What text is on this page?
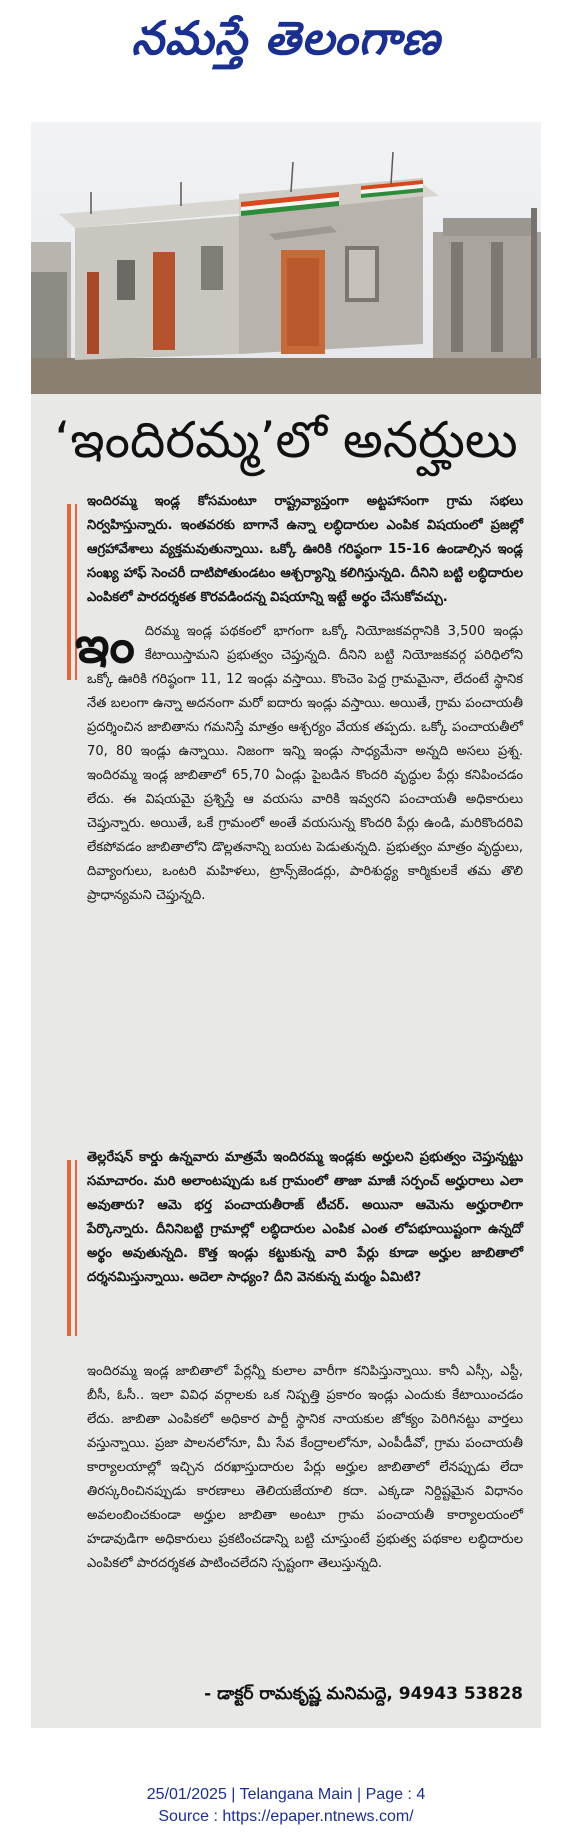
నమస్తే తెలంగాణ
‘ఇందిరమ్మ’లో అనర్హులు

ఇందిరమ్మ ఇండ్ల కోసమంటూ రాష్ట్రవ్యాప్తంగా అట్టహాసంగా గ్రామ సభలు నిర్వహిస్తున్నారు. ఇంతవరకు బాగానే ఉన్నా లబ్ధిదారుల ఎంపిక విషయంలో ప్రజల్లో ఆగ్రహావేశాలు వ్యక్తమవుతున్నాయి. ఒక్కో ఊరికి గరిష్ఠంగా 15-16 ఉండాల్సిన ఇండ్ల సంఖ్య హాఫ్ సెంచరీ దాటిపోతుండటం ఆశ్చర్యాన్ని కలిగిస్తున్నది. దీనిని బట్టి లబ్ధిదారుల ఎంపికలో పారదర్శకత కొరవడిందన్న విషయాన్ని ఇట్టే అర్థం చేసుకోవచ్చు.

ఇందిరమ్మ ఇండ్ల పథకంలో భాగంగా ఒక్కో నియోజకవర్గానికి 3,500 ఇండ్లు కేటాయిస్తామని ప్రభుత్వం చెప్తున్నది. దీనిని బట్టి నియోజకవర్గ పరిధిలోని ఒక్కో ఊరికి గరిష్ఠంగా 11, 12 ఇండ్లు వస్తాయి. కొంచెం పెద్ద గ్రామమైనా, లేదంటే స్థానిక నేత బలంగా ఉన్నా అదనంగా మరో ఐదారు ఇండ్లు వస్తాయి. అయితే, గ్రామ పంచాయతీ ప్రదర్శించిన జాబితాను గమనిస్తే మాత్రం ఆశ్చర్యం వేయక తప్పదు. ఒక్కో పంచాయతీలో 70, 80 ఇండ్లు ఉన్నాయి. నిజంగా ఇన్ని ఇండ్లు సాధ్యమేనా అన్నది అసలు ప్రశ్న. ఇందిరమ్మ ఇండ్ల జాబితాలో 65,70 ఏండ్లు పైబడిన కొందరి వృద్ధుల పేర్లు కనిపించడం లేదు. ఈ విషయమై ప్రశ్నిస్తే ఆ వయసు వారికి ఇవ్వరని పంచాయతీ అధికారులు చెప్తున్నారు. అయితే, ఒకే గ్రామంలో అంతే వయసున్న కొందరి పేర్లు ఉండి, మరికొందరివి లేకపోవడం జాబితాలోని డొల్లతనాన్ని బయట పెడుతున్నది. ప్రభుత్వం మాత్రం వృద్ధులు, దివ్యాంగులు, ఒంటరి మహిళలు, ట్రాన్స్‌జెండర్లు, పారిశుద్ధ్య కార్మికులకే తమ తొలి ప్రాధాన్యమని చెప్తున్నది.

తెల్లరేషన్ కార్డు ఉన్నవారు మాత్రమే ఇందిరమ్మ ఇండ్లకు అర్హులని ప్రభుత్వం చెప్తున్నట్టు సమాచారం. మరి అలాంటప్పుడు ఒక గ్రామంలో తాజా మాజీ సర్పంచ్ అర్హురాలు ఎలా అవుతారు? ఆమె భర్త పంచాయతీరాజ్ టీచర్. అయినా ఆమెను అర్హురాలిగా పేర్కొన్నారు. దీనినిబట్టి గ్రామాల్లో లబ్ధిదారుల ఎంపిక ఎంత లోపభూయిష్టంగా ఉన్నదో అర్థం అవుతున్నది. కొత్త ఇండ్లు కట్టుకున్న వారి పేర్లు కూడా అర్హుల జాబితాలో దర్శనమిస్తున్నాయి. అదెలా సాధ్యం? దీని వెనకున్న మర్మం ఏమిటి?

ఇందిరమ్మ ఇండ్ల జాబితాలో పేర్లన్నీ కులాల వారీగా కనిపిస్తున్నాయి. కానీ ఎస్సీ, ఎస్టీ, బీసీ, ఓసీ.. ఇలా వివిధ వర్గాలకు ఒక నిష్పత్తి ప్రకారం ఇండ్లు ఎందుకు కేటాయించడం లేదు. జాబితా ఎంపికలో అధికార పార్టీ స్థానిక నాయకుల జోక్యం పెరిగినట్టు వార్తలు వస్తున్నాయి. ప్రజా పాలనలోనూ, మీ సేవ కేంద్రాలలోనూ, ఎంపీడీవో, గ్రామ పంచాయతీ కార్యాలయాల్లో ఇచ్చిన దరఖాస్తుదారుల పేర్లు అర్హుల జాబితాలో లేనప్పుడు లేదా తిరస్కరించినప్పుడు కారణాలు తెలియజేయాలి కదా. ఎక్కడా నిర్దిష్టమైన విధానం అవలంబించకుండా అర్హుల జాబితా అంటూ గ్రామ పంచాయతీ కార్యాలయంలో హడావుడిగా అధికారులు ప్రకటించడాన్ని బట్టి చూస్తుంటే ప్రభుత్వ పథకాల లబ్ధిదారుల ఎంపికలో పారదర్శకత పాటించలేదని స్పష్టంగా తెలుస్తున్నది.

- డాక్టర్ రామకృష్ణ మనిమద్దె, 94943 53828
25/01/2025 | Telangana Main | Page : 4
Source : https://epaper.ntnews.com/
